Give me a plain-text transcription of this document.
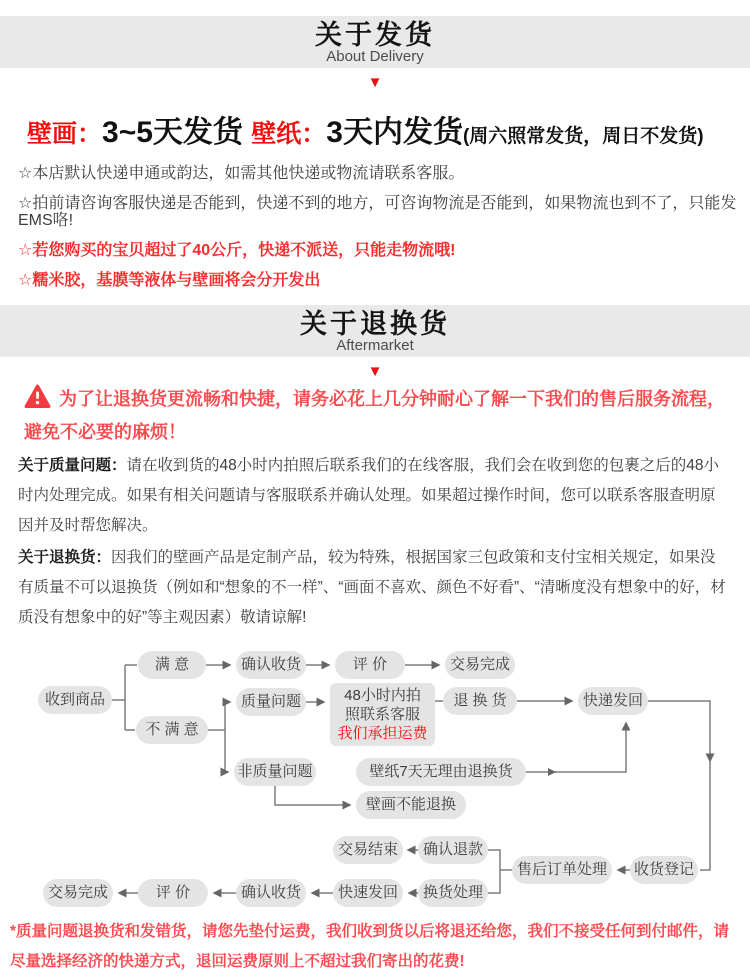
关于发货
About Delivery
▼
壁画：3~5天发货 壁纸：3天内发货(周六照常发货，周日不发货)
☆本店默认快递申通或韵达，如需其他快递或物流请联系客服。
☆拍前请咨询客服快递是否能到，快递不到的地方，可咨询物流是否能到，如果物流也到不了，只能发EMS咯!
☆若您购买的宝贝超过了40公斤，快递不派送，只能走物流哦!
☆糯米胶，基膜等液体与壁画将会分开发出
关于退换货
Aftermarket
▼
为了让退换货更流畅和快捷，请务必花上几分钟耐心了解一下我们的售后服务流程，避免不必要的麻烦！

关于质量问题：请在收到货的48小时内拍照后联系我们的在线客服，我们会在收到您的包裹之后的48小时内处理完成。如果有相关问题请与客服联系并确认处理。如果超过操作时间，您可以联系客服查明原因并及时帮您解决。

关于退换货：因我们的壁画产品是定制产品，较为特殊，根据国家三包政策和支付宝相关规定，如果没有质量不可以退换货（例如和“想象的不一样”、“画面不喜欢、颜色不好看”、“清晰度没有想象中的好，材质没有想象中的好”等主观因素）敬请谅解!

收到商品
满 意	确认收货	评 价	交易完成
质量问题	48小时内拍
照联系客服
我们承担运费
退 换 货	快递发回
不 满 意
非质量问题	壁纸7天无理由退换货
壁画不能退换
交易结束	确认退款
售后订单处理	收货登记
交易完成	评 价	确认收货	快速发回	换货处理
*质量问题退换货和发错货，请您先垫付运费，我们收到货以后将退还给您，我们不接受任何到付邮件，请尽量选择经济的快递方式，退回运费原则上不超过我们寄出的花费!
